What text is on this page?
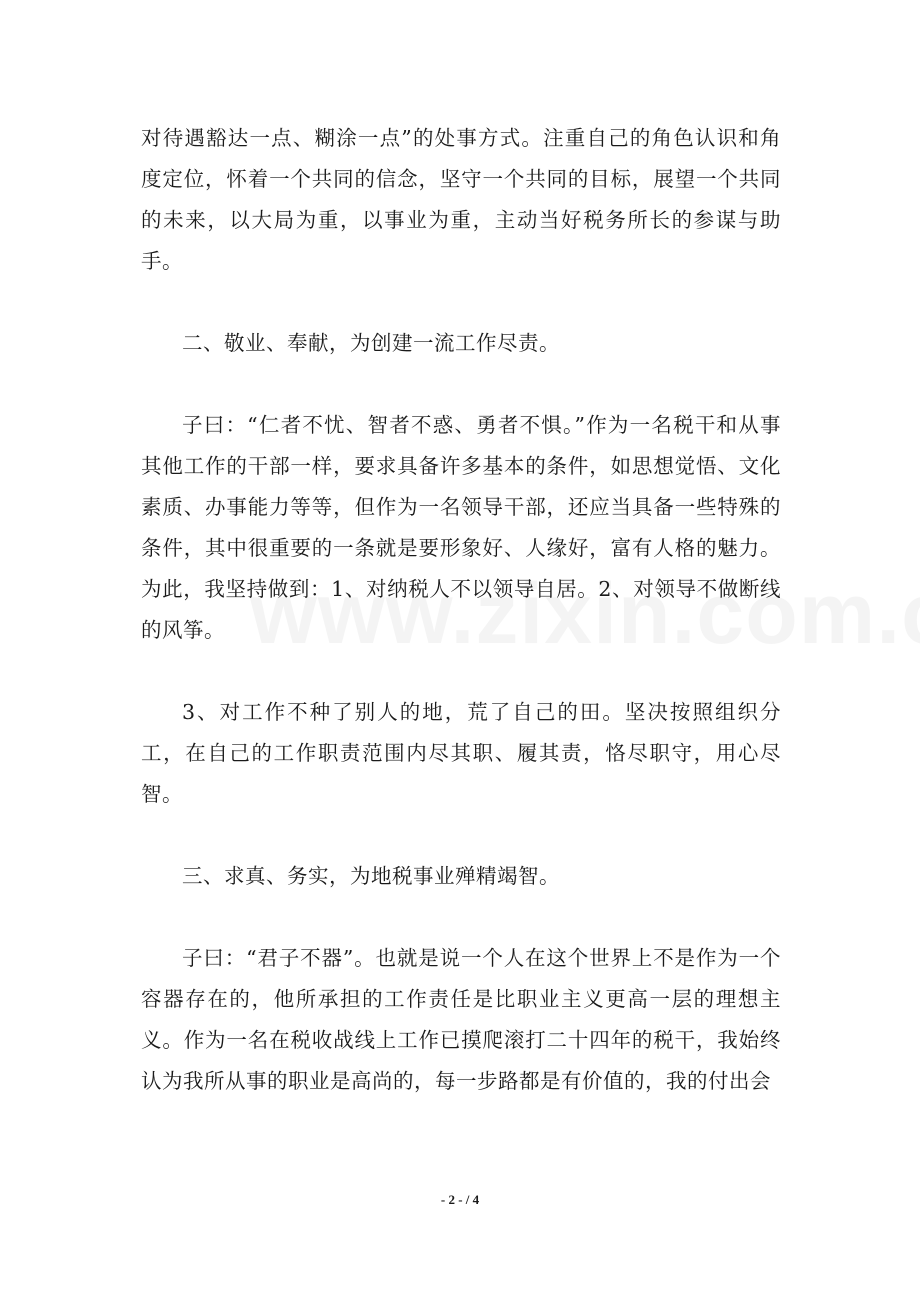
对待遇豁达一点、糊涂一点”的处事方式。注重自己的角色认识和角度定位，怀着一个共同的信念，坚守一个共同的目标，展望一个共同的未来，以大局为重，以事业为重，主动当好税务所长的参谋与助手。

二、敬业、奉献，为创建一流工作尽责。

子曰：“仁者不忧、智者不惑、勇者不惧。”作为一名税干和从事其他工作的干部一样，要求具备许多基本的条件，如思想觉悟、文化素质、办事能力等等，但作为一名领导干部，还应当具备一些特殊的条件，其中很重要的一条就是要形象好、人缘好，富有人格的魅力。为此，我坚持做到：1、对纳税人不以领导自居。2、对领导不做断线的风筝。

3、对工作不种了别人的地，荒了自己的田。坚决按照组织分工，在自己的工作职责范围内尽其职、履其责，恪尽职守，用心尽智。

三、求真、务实，为地税事业殚精竭智。

子曰：“君子不器”。也就是说一个人在这个世界上不是作为一个容器存在的，他所承担的工作责任是比职业主义更高一层的理想主义。作为一名在税收战线上工作已摸爬滚打二十四年的税干，我始终认为我所从事的职业是高尚的，每一步路都是有价值的，我的付出会

- 2 - / 4
